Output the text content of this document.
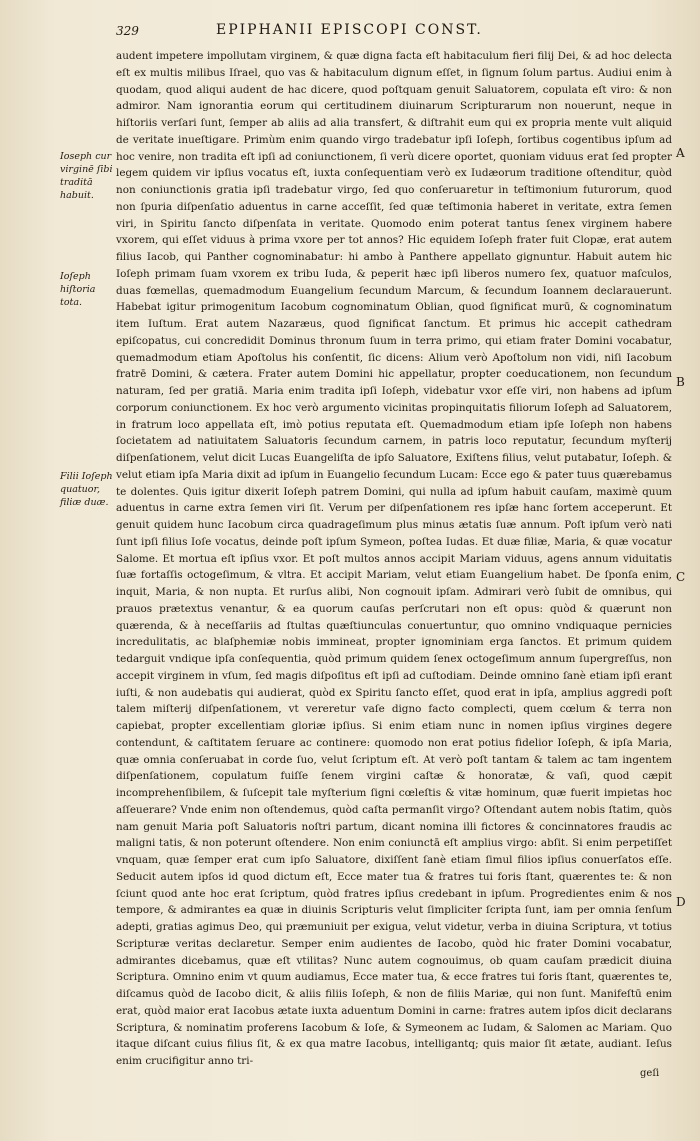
329	EPIPHANII EPISCOPI CONST.
Ioseph cur virginē ſibi traditā habuit.
Ioſeph hiſtoria tota.
Filii Ioſeph quatuor, filiæ duæ.
A
B
C
D

audent impetere impollutam virginem, & quæ digna facta eſt habitaculum fieri filij Dei, & ad hoc delecta eſt ex multis milibus Iſrael, quo vas & habitaculum dignum eſſet, in ſignum ſolum partus. Audiui enim à quodam, quod aliqui audent de hac dicere, quod poſtquam genuit Saluatorem, copulata eſt viro: & non admiror. Nam ignorantia eorum qui certitudinem diuinarum Scripturarum non nouerunt, neque in hiſtoriis verſari ſunt, ſemper ab aliis ad alia transfert, & diſtrahit eum qui ex propria mente vult aliquid de veritate inueſtigare. Primùm enim quando virgo tradebatur ipſi Ioſeph, ſortibus cogentibus ipſum ad hoc venire, non tradita eſt ipſi ad coniunctionem, ſi verù dicere oportet, quoniam viduus erat ſed propter legem quidem vir ipſius vocatus eſt, iuxta conſequentiam verò ex Iudæorum traditione oſtenditur, quòd non coniunctionis gratia ipſi tradebatur virgo, ſed quo conſeruaretur in teſtimonium futurorum, quod non ſpuria diſpenſatio aduentus in carne acceſſit, ſed quæ teſtimonia haberet in veritate, extra ſemen viri, in Spiritu ſancto diſpenſata in veritate. Quomodo enim poterat tantus ſenex virginem habere vxorem, qui eſſet viduus à prima vxore per tot annos? Hic equidem Ioſeph frater fuit Clopæ, erat autem filius Iacob, qui Panther cognominabatur: hi ambo à Panthere appellato gignuntur. Habuit autem hic Ioſeph primam ſuam vxorem ex tribu Iuda, & peperit hæc ipſi liberos numero ſex, quatuor maſculos, duas fœmellas, quemadmodum Euangelium ſecundum Marcum, & ſecundum Ioannem declarauerunt. Habebat igitur primogenitum Iacobum cognominatum Oblian, quod ſignificat murū, & cognominatum item Iuſtum. Erat autem Nazaræus, quod ſignificat ſanctum. Et primus hic accepit cathedram epiſcopatus, cui concredidit Dominus thronum ſuum in terra primo, qui etiam frater Domini vocabatur, quemadmodum etiam Apoſtolus his conſentit, ſic dicens: Alium verò Apoſtolum non vidi, niſi Iacobum fratrē Domini, & cætera. Frater autem Domini hic appellatur, propter coeducationem, non ſecundum naturam, ſed per gratiā. Maria enim tradita ipſi Ioſeph, videbatur vxor eſſe viri, non habens ad ipſum corporum coniunctionem. Ex hoc verò argumento vicinitas propinquitatis filiorum Ioſeph ad Saluatorem, in fratrum loco appellata eſt, imò potius reputata eſt. Quemadmodum etiam ipſe Ioſeph non habens ſocietatem ad natiuitatem Saluatoris ſecundum carnem, in patris loco reputatur, ſecundum myſterij diſpenſationem, velut dicit Lucas Euangeliſta de ipſo Saluatore, Exiſtens filius, velut putabatur, Ioſeph. & velut etiam ipſa Maria dixit ad ipſum in Euangelio ſecundum Lucam: Ecce ego & pater tuus quærebamus te dolentes. Quis igitur dixerit Ioſeph patrem Domini, qui nulla ad ipſum habuit cauſam, maximè quum aduentus in carne extra ſemen viri ſit. Verum per diſpenſationem res ipſæ hanc ſortem acceperunt. Et genuit quidem hunc Iacobum circa quadrageſimum plus minus ætatis ſuæ annum. Poſt ipſum verò nati ſunt ipſi filius Ioſe vocatus, deinde poſt ipſum Symeon, poſtea Iudas. Et duæ filiæ, Maria, & quæ vocatur Salome. Et mortua eſt ipſius vxor. Et poſt multos annos accipit Mariam viduus, agens annum viduitatis ſuæ fortaſſis octogeſimum, & vltra. Et accipit Mariam, velut etiam Euangelium habet. De ſponſa enim, inquit, Maria, & non nupta. Et rurſus alibi, Non cognouit ipſam. Admirari verò ſubit de omnibus, qui prauos prætextus venantur, & ea quorum cauſas perſcrutari non eſt opus: quòd & quærunt non quærenda, & à neceſſariis ad ſtultas quæſtiunculas conuertuntur, quo omnino vndiquaque pernicies incredulitatis, ac blaſphemiæ nobis immineat, propter ignominiam erga ſanctos. Et primum quidem tedarguit vndique ipſa conſequentia, quòd primum quidem ſenex octogeſimum annum ſupergreſſus, non accepit virginem in vſum, ſed magis diſpoſitus eſt ipſi ad cuſtodiam. Deinde omnino ſanè etiam ipſi erant iuſti, & non audebatis qui audierat, quòd ex Spiritu ſancto eſſet, quod erat in ipſa, amplius aggredi poſt talem miſterij diſpenſationem, vt vereretur vaſe digno facto complecti, quem cœlum & terra non capiebat, propter excellentiam gloriæ ipſius. Si enim etiam nunc in nomen ipſius virgines degere contendunt, & caſtitatem ſeruare ac continere: quomodo non erat potius fidelior Ioſeph, & ipſa Maria, quæ omnia conſeruabat in corde ſuo, velut ſcriptum eſt. At verò poſt tantam & talem ac tam ingentem diſpenſationem, copulatum fuiſſe ſenem virgini caſtæ & honoratæ, & vaſi, quod cæpit incomprehenſibilem, & ſuſcepit tale myſterium ſigni cœleſtis & vitæ hominum, quæ fuerit impietas hoc aſſeuerare? Vnde enim non oſtendemus, quòd caſta permanſit virgo? Oſtendant autem nobis ſtatim, quòs nam genuit Maria poſt Saluatoris noſtri partum, dicant nomina illi fictores & concinnatores fraudis ac maligni tatis, & non poterunt oſtendere. Non enim coniunctā eſt amplius virgo: abſit. Si enim perpetiſſet vnquam, quæ ſemper erat cum ipſo Saluatore, dixiſſent ſanè etiam ſimul filios ipſius conuerſatos eſſe. Seducit autem ipſos id quod dictum eſt, Ecce mater tua & fratres tui foris ſtant, quærentes te: & non ſciunt quod ante hoc erat ſcriptum, quòd fratres ipſius credebant in ipſum. Progredientes enim & nos tempore, & admirantes ea quæ in diuinis Scripturis velut ſimpliciter ſcripta ſunt, iam per omnia ſenſum adepti, gratias agimus Deo, qui præmuniuit per exigua, velut videtur, verba in diuina Scriptura, vt totius Scripturæ veritas declaretur. Semper enim audientes de Iacobo, quòd hic frater Domini vocabatur, admirantes dicebamus, quæ eſt vtilitas? Nunc autem cognouimus, ob quam cauſam prædicit diuina Scriptura. Omnino enim vt quum audiamus, Ecce mater tua, & ecce fratres tui foris ſtant, quærentes te, diſcamus quòd de Iacobo dicit, & aliis filiis Ioſeph, & non de filiis Mariæ, qui non ſunt. Manifeſtū enim erat, quòd maior erat Iacobus ætate iuxta aduentum Domini in carne: fratres autem ipſos dicit declarans Scriptura, & nominatim proferens Iacobum & Ioſe, & Symeonem ac Iudam, & Salomen ac Mariam. Quo itaque diſcant cuius filius ſit, & ex qua matre Iacobus, intelligantq; quis maior ſit ætate, audiant. Ieſus enim crucifigitur anno tri-

geſi
